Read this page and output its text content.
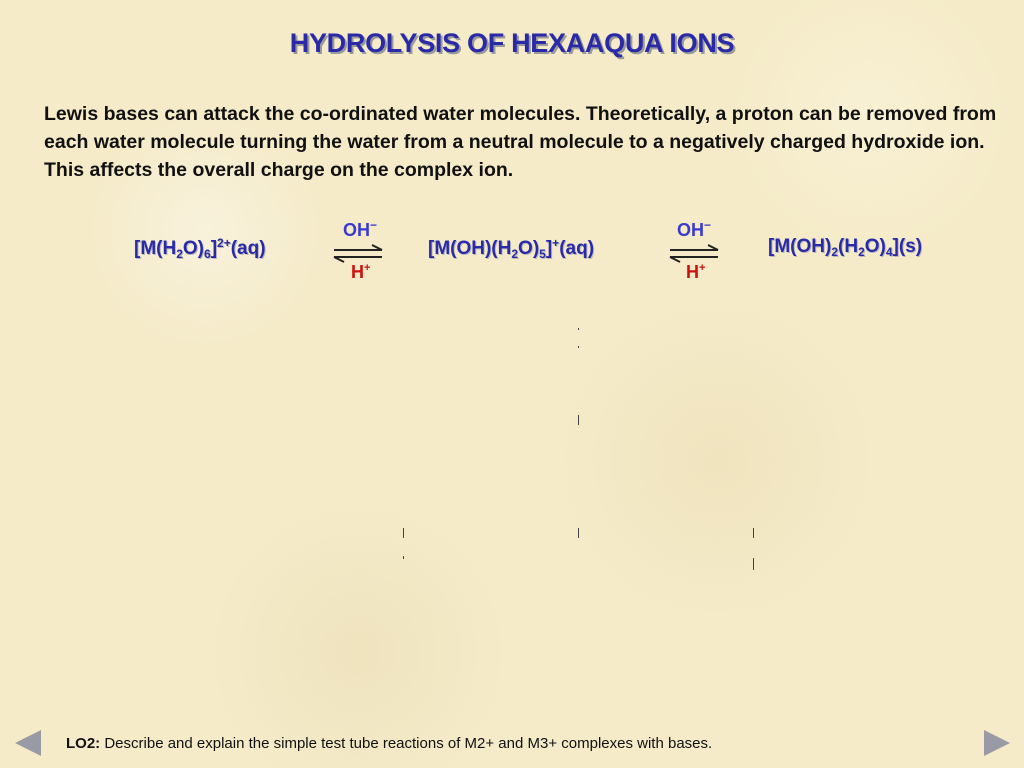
HYDROLYSIS OF HEXAAQUA IONS
Lewis bases can attack the co-ordinated water molecules. Theoretically, a proton can be removed from each water molecule turning the water from a neutral molecule to a negatively charged hydroxide ion. This affects the overall charge on the complex ion.
$[M(H_2O)_6]^{2+}(aq)$
OH−
H+
$[M(OH)(H_2O)_5]^+(aq)$
OH−
H+
$[M(OH)_2(H_2O)_4](s)$
LO2: Describe and explain the simple test tube reactions of M2+ and M3+ complexes with bases.
